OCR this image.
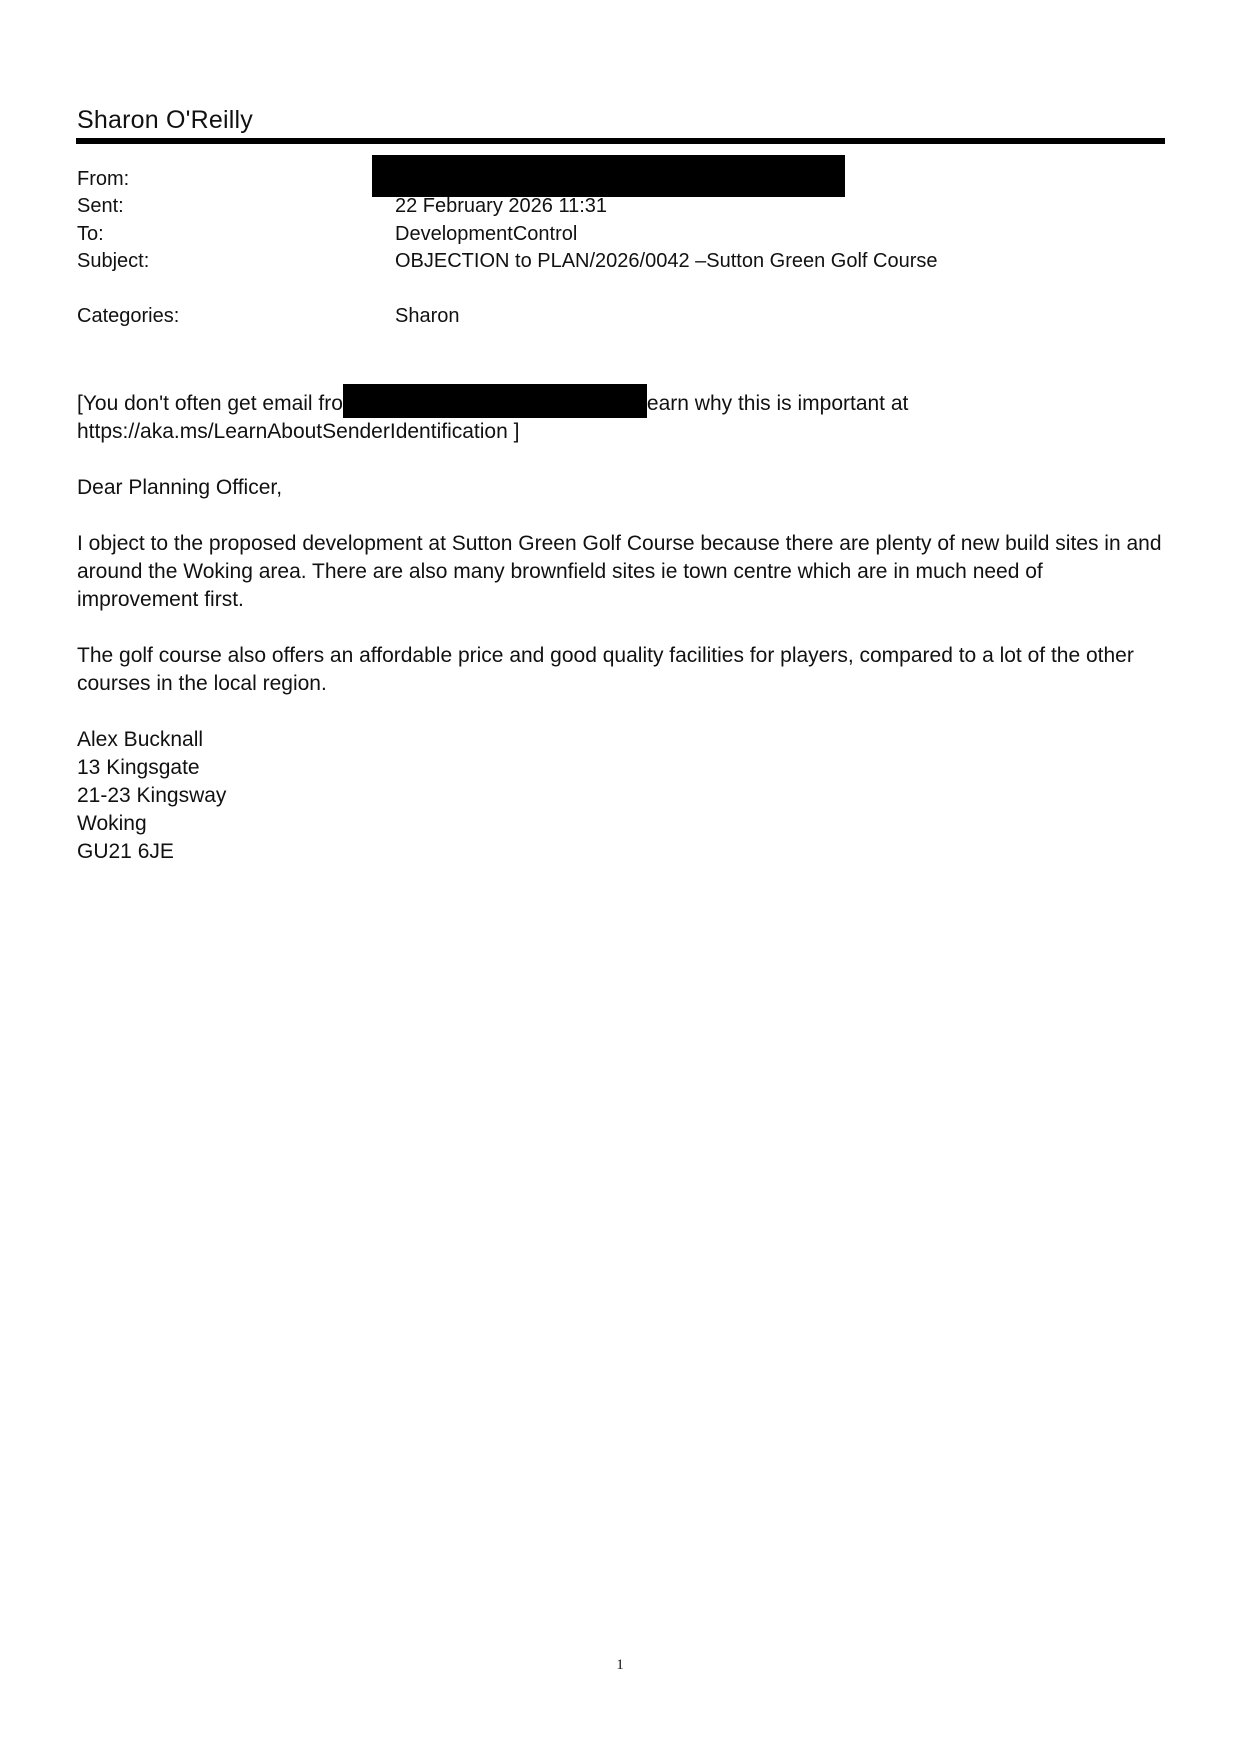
Sharon O'Reilly
From:
Sent:	22 February 2026 11:31
To:	DevelopmentControl
Subject:	OBJECTION to PLAN/2026/0042 –Sutton Green Golf Course
Categories:	Sharon

[You don't often get email fro	earn why this is important at
https://aka.ms/LearnAboutSenderIdentification ]

Dear Planning Officer,

I object to the proposed development at Sutton Green Golf Course because there are plenty of new build sites in and around the Woking area. There are also many brownfield sites ie town centre which are in much need of improvement first.

The golf course also offers an affordable price and good quality facilities for players, compared to a lot of the other courses in the local region.

Alex Bucknall
13 Kingsgate
21-23 Kingsway
Woking
GU21 6JE

1
